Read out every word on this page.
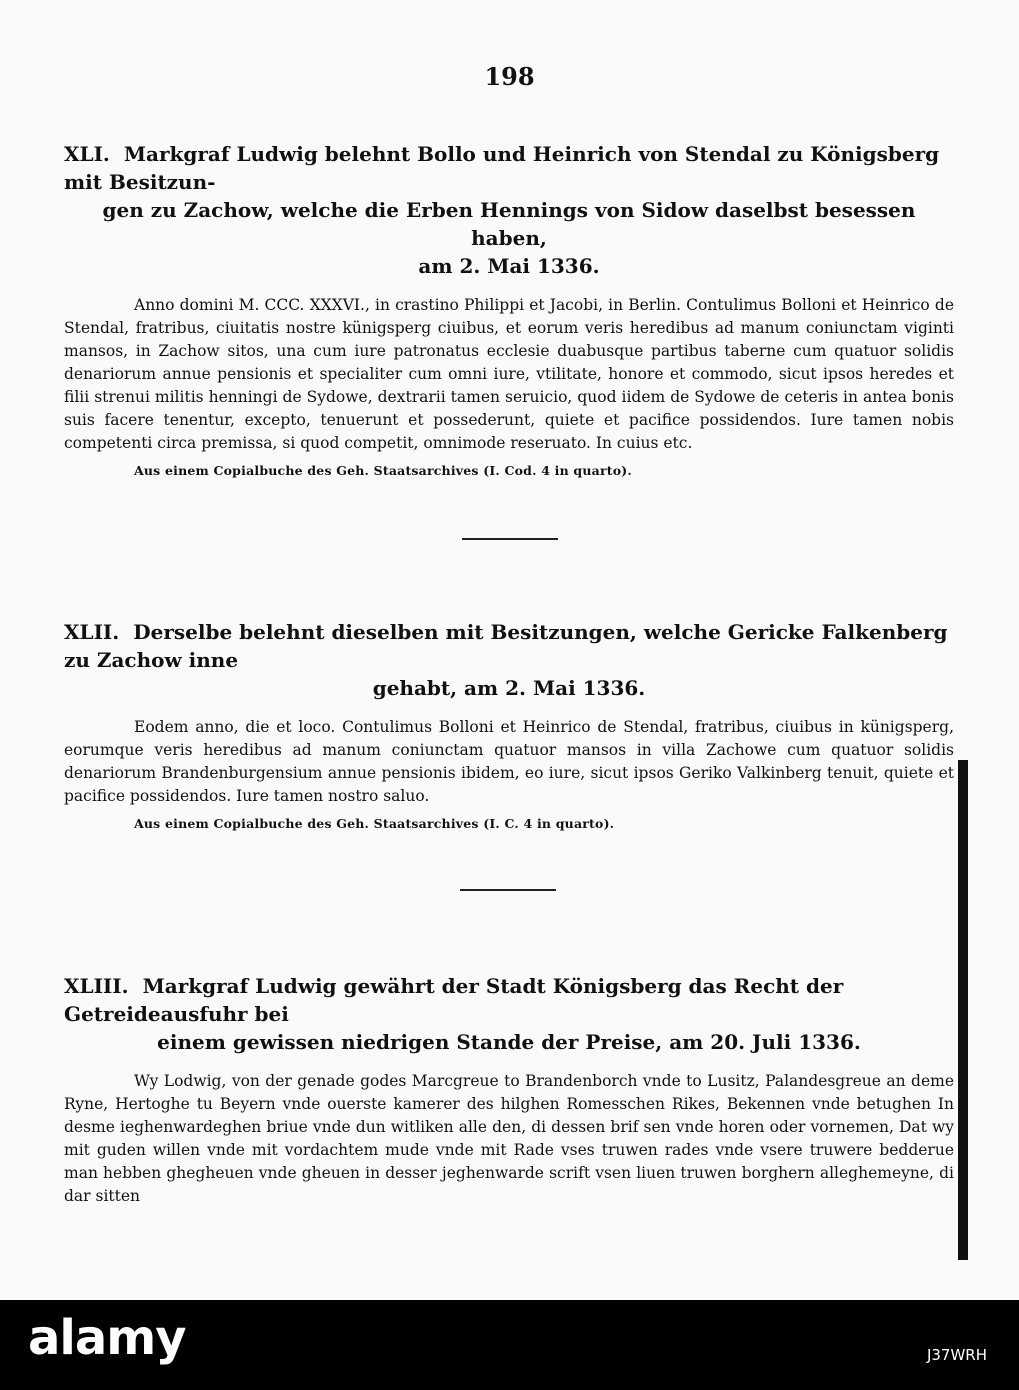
198
XLI. Markgraf Ludwig belehnt Bollo und Heinrich von Stendal zu Königsberg mit Besitzun-
gen zu Zachow, welche die Erben Hennings von Sidow daselbst besessen haben,
am 2. Mai 1336.

Anno domini M. CCC. XXXVI., in crastino Philippi et Jacobi, in Berlin. Contulimus Bolloni et Heinrico de Stendal, fratribus, ciuitatis nostre künigsperg ciuibus, et eorum veris heredibus ad manum coniunctam viginti mansos, in Zachow sitos, una cum iure patronatus ecclesie duabusque partibus taberne cum quatuor solidis denariorum annue pensionis et specialiter cum omni iure, vtilitate, honore et commodo, sicut ipsos heredes et filii strenui militis henningi de Sydowe, dextrarii tamen seruicio, quod iidem de Sydowe de ceteris in antea bonis suis facere tenentur, excepto, tenuerunt et possederunt, quiete et pacifice possidendos. Iure tamen nobis competenti circa premissa, si quod competit, omnimode reseruato. In cuius etc.

Aus einem Copialbuche des Geh. Staatsarchives (I. Cod. 4 in quarto).
XLII. Derselbe belehnt dieselben mit Besitzungen, welche Gericke Falkenberg zu Zachow inne
gehabt, am 2. Mai 1336.

Eodem anno, die et loco. Contulimus Bolloni et Heinrico de Stendal, fratribus, ciuibus in künigsperg, eorumque veris heredibus ad manum coniunctam quatuor mansos in villa Zachowe cum quatuor solidis denariorum Brandenburgensium annue pensionis ibidem, eo iure, sicut ipsos Geriko Valkinberg tenuit, quiete et pacifice possidendos. Iure tamen nostro saluo.

Aus einem Copialbuche des Geh. Staatsarchives (I. C. 4 in quarto).
XLIII. Markgraf Ludwig gewährt der Stadt Königsberg das Recht der Getreideausfuhr bei
einem gewissen niedrigen Stande der Preise, am 20. Juli 1336.

Wy Lodwig, von der genade godes Marcgreue to Brandenborch vnde to Lusitz, Palandesgreue an deme Ryne, Hertoghe tu Beyern vnde ouerste kamerer des hilghen Romesschen Rikes, Bekennen vnde betughen In desme ieghenwardeghen briue vnde dun witliken alle den, di dessen brif sen vnde horen oder vornemen, Dat wy mit guden willen vnde mit vordachtem mude vnde mit Rade vses truwen rades vnde vsere truwere bedderue man hebben ghegheuen vnde gheuen in desser jeghenwarde scrift vsen liuen truwen borghern alleghemeyne, di dar sitten

alamy	J37WRH
